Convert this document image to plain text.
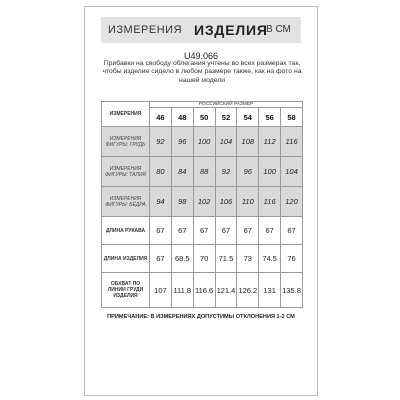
ИЗМЕРЕНИЯ ИЗДЕЛИЯ
В СМ
U49.066
Прибавки на свободу облегания учтены во всех размерах так, чтобы изделие сидело в любом размере также, как на фото на нашей модели
ИЗМЕРЕНИЯ	РОССИЙСКИЙ РАЗМЕР						
	46	48	50	52	54	56	58
ИЗМЕРЕНИЯ ФИГУРЫ: ГРУДЬ	92	96	100	104	108	112	116
ИЗМЕРЕНИЯ ФИГУРЫ: ТАЛИЯ	80	84	88	92	96	100	104
ИЗМЕРЕНИЯ ФИГУРЫ: БЁДРА	94	98	102	106	110	116	120
ДЛИНА РУКАВА	67	67	67	67	67	67	67
ДЛИНА ИЗДЕЛИЯ	67	68.5	70	71.5	73	74.5	76
ОБХВАТ ПО ЛИНИИ ГРУДИ ИЗДЕЛИЯ	107	111.8	116.6	121.4	126.2	131	135.8
ПРИМЕЧАНИЕ: В ИЗМЕРЕНИЯХ ДОПУСТИМЫ ОТКЛОНЕНИЯ 1-2 СМ
